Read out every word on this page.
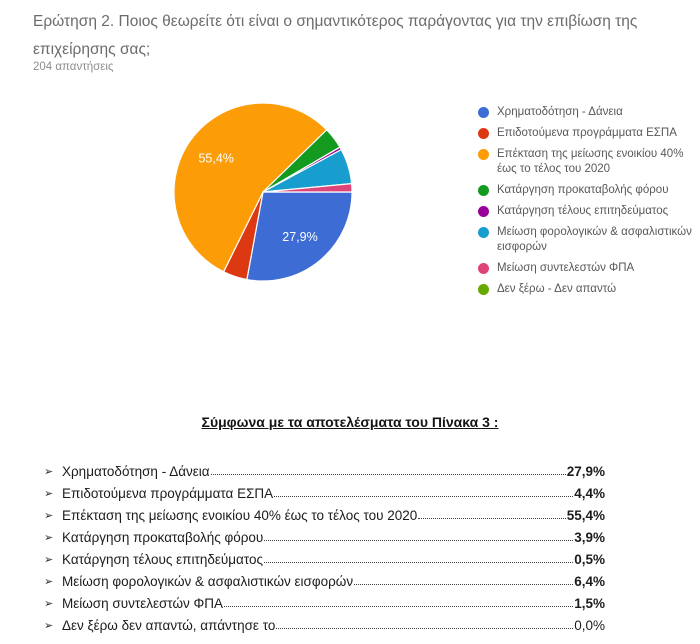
Ερώτηση 2. Ποιος θεωρείτε ότι είναι ο σημαντικότερος παράγοντας για την επιβίωση της επιχείρησης σας;
204 απαντήσεις
27,9%
55,4%
Χρηματοδότηση - Δάνεια
Επιδοτούμενα προγράμματα ΕΣΠΑ
Επέκταση της μείωσης ενοικίου 40% έως το τέλος του 2020
Κατάργηση προκαταβολής φόρου
Κατάργηση τέλους επιτηδεύματος
Μείωση φορολογικών & ασφαλιστικών εισφορών
Μείωση συντελεστών ΦΠΑ
Δεν ξέρω - Δεν απαντώ
Σύμφωνα με τα αποτελέσματα του Πίνακα 3 :
➢ Χρηματοδότηση - Δάνεια	27,9%
➢ Επιδοτούμενα προγράμματα ΕΣΠΑ	4,4%
➢ Επέκταση της μείωσης ενοικίου 40% έως το τέλος του 2020	55,4%
➢ Κατάργηση προκαταβολής φόρου	3,9%
➢ Κατάργηση τέλους επιτηδεύματος	0,5%
➢ Μείωση φορολογικών & ασφαλιστικών εισφορών	6,4%
➢ Μείωση συντελεστών ΦΠΑ	1,5%
➢ Δεν ξέρω δεν απαντώ, απάντησε το	0,0%
